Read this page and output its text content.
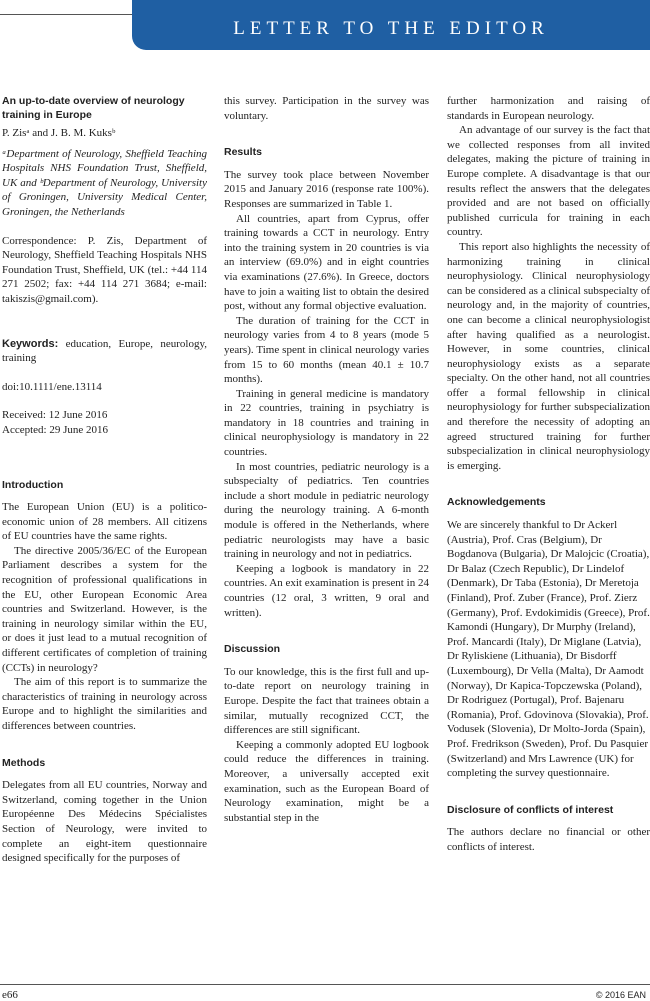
LETTER TO THE EDITOR
An up-to-date overview of neurology training in Europe

P. Zisᵃ and J. B. M. Kuksᵇ

ᵃDepartment of Neurology, Sheffield Teaching Hospitals NHS Foundation Trust, Sheffield, UK and ᵇDepartment of Neurology, University of Groningen, University Medical Center, Groningen, the Netherlands

Correspondence: P. Zis, Department of Neurology, Sheffield Teaching Hospitals NHS Foundation Trust, Sheffield, UK (tel.: +44 114 271 2502; fax: +44 114 271 3684; e-mail: takiszis@gmail.com).

Keywords: education, Europe, neurology, training

doi:10.1111/ene.13114

Received: 12 June 2016

Accepted: 29 June 2016

Introduction

The European Union (EU) is a politico-economic union of 28 members. All citizens of EU countries have the same rights.

The directive 2005/36/EC of the European Parliament describes a system for the recognition of professional qualifications in the EU, other European Economic Area countries and Switzerland. However, is the training in neurology similar within the EU, or does it just lead to a mutual recognition of different certificates of completion of training (CCTs) in neurology?

The aim of this report is to summarize the characteristics of training in neurology across Europe and to highlight the similarities and differences between countries.

Methods

Delegates from all EU countries, Norway and Switzerland, coming together in the Union Européenne Des Médecins Spécialistes Section of Neurology, were invited to complete an eight-item questionnaire designed specifically for the purposes of

this survey. Participation in the survey was voluntary.

Results

The survey took place between November 2015 and January 2016 (response rate 100%). Responses are summarized in Table 1.

All countries, apart from Cyprus, offer training towards a CCT in neurology. Entry into the training system in 20 countries is via an interview (69.0%) and in eight countries via examinations (27.6%). In Greece, doctors have to join a waiting list to obtain the desired post, without any formal objective evaluation.

The duration of training for the CCT in neurology varies from 4 to 8 years (mode 5 years). Time spent in clinical neurology varies from 15 to 60 months (mean 40.1 ± 10.7 months).

Training in general medicine is mandatory in 22 countries, training in psychiatry is mandatory in 18 countries and training in clinical neurophysiology is mandatory in 22 countries.

In most countries, pediatric neurology is a subspecialty of pediatrics. Ten countries include a short module in pediatric neurology during the neurology training. A 6-month module is offered in the Netherlands, where pediatric neurologists may have a basic training in neurology and not in pediatrics.

Keeping a logbook is mandatory in 22 countries. An exit examination is present in 24 countries (12 oral, 3 written, 9 oral and written).

Discussion

To our knowledge, this is the first full and up-to-date report on neurology training in Europe. Despite the fact that trainees obtain a similar, mutually recognized CCT, the differences are still significant.

Keeping a commonly adopted EU logbook could reduce the differences in training. Moreover, a universally accepted exit examination, such as the European Board of Neurology examination, might be a substantial step in the

further harmonization and raising of standards in European neurology.

An advantage of our survey is the fact that we collected responses from all invited delegates, making the picture of training in Europe complete. A disadvantage is that our results reflect the answers that the delegates provided and are not based on officially published curricula for training in each country.

This report also highlights the necessity of harmonizing training in clinical neurophysiology. Clinical neurophysiology can be considered as a clinical subspecialty of neurology and, in the majority of countries, one can become a clinical neurophysiologist after having qualified as a neurologist. However, in some countries, clinical neurophysiology exists as a separate specialty. On the other hand, not all countries offer a formal fellowship in clinical neurophysiology for further subspecialization and therefore the necessity of adopting an agreed structured training for further subspecialization in clinical neurophysiology is emerging.

Acknowledgements

We are sincerely thankful to Dr Ackerl (Austria), Prof. Cras (Belgium), Dr Bogdanova (Bulgaria), Dr Malojcic (Croatia), Dr Balaz (Czech Republic), Dr Lindelof (Denmark), Dr Taba (Estonia), Dr Meretoja (Finland), Prof. Zuber (France), Prof. Zierz (Germany), Prof. Evdokimidis (Greece), Prof. Kamondi (Hungary), Dr Murphy (Ireland), Prof. Mancardi (Italy), Dr Miglane (Latvia), Dr Ryliskiene (Lithuania), Dr Bisdorff (Luxembourg), Dr Vella (Malta), Dr Aamodt (Norway), Dr Kapica-Topczewska (Poland), Dr Rodriguez (Portugal), Prof. Bajenaru (Romania), Prof. Gdovinova (Slovakia), Prof. Vodusek (Slovenia), Dr Molto-Jorda (Spain), Prof. Fredrikson (Sweden), Prof. Du Pasquier (Switzerland) and Mrs Lawrence (UK) for completing the survey questionnaire.

Disclosure of conflicts of interest

The authors declare no financial or other conflicts of interest.

e66	© 2016 EAN
